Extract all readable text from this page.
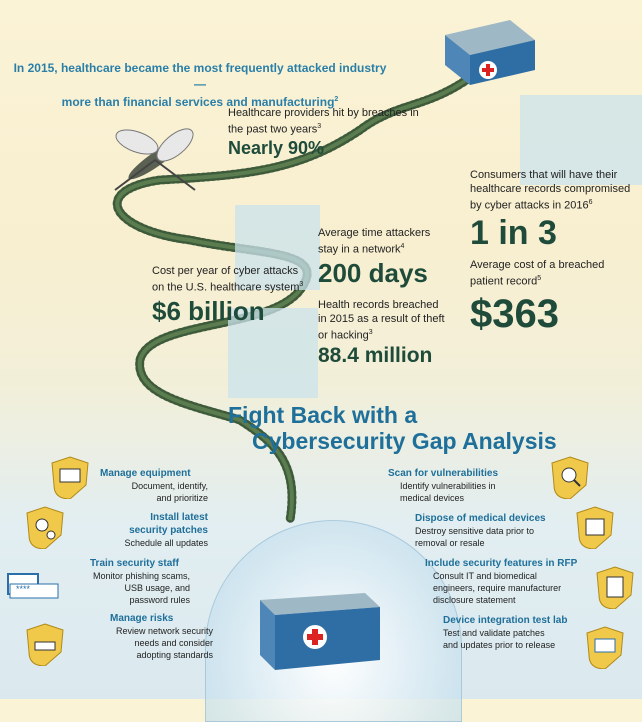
In 2015, healthcare became the most frequently attacked industry—
more than financial services and manufacturing$^2$
Healthcare providers hit by breaches in
the past two years$^3$
Nearly 90%
Consumers that will have their
healthcare records compromised
by cyber attacks in 2016$^6$
1 in 3
Average time attackers
stay in a network$^4$
200 days
Cost per year of cyber attacks
on the U.S. healthcare system$^3$
$6 billion
Average cost of a breached
patient record$^5$
$363
Health records breached
in 2015 as a result of theft
or hacking$^3$
88.4 million
Fight Back with a
Cybersecurity Gap Analysis
Manage equipment
Document, identify,
and prioritize
Install latest
security patches
Schedule all updates
Train security staff
Monitor phishing scams,
USB usage, and
password rules
Manage risks
Review network security
needs and consider
adopting standards
****
Scan for vulnerabilities
Identify vulnerabilities in
medical devices
Dispose of medical devices
Destroy sensitive data prior to
removal or resale
Include security features in RFP
Consult IT and biomedical
engineers, require manufacturer
disclosure statement
Device integration test lab
Test and validate patches
and updates prior to release
